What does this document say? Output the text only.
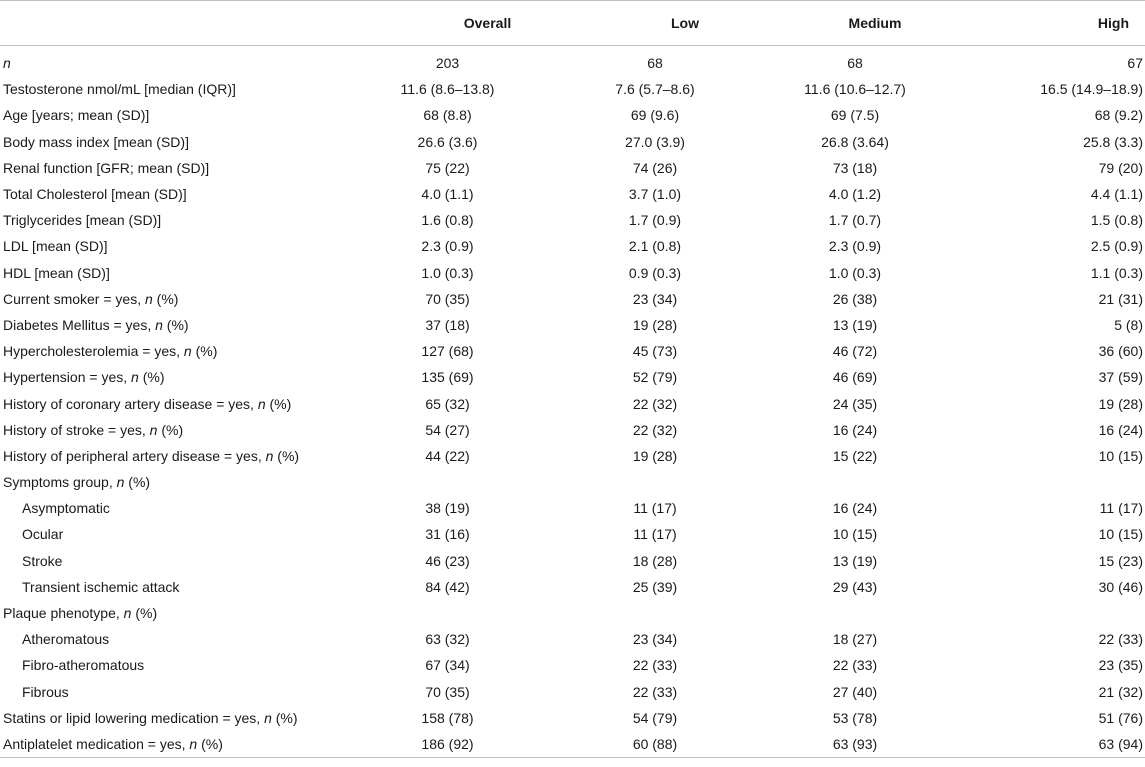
	Overall	Low	Medium	High
n	203	68	68	67
Testosterone nmol/mL [median (IQR)]	11.6 (8.6–13.8)	7.6 (5.7–8.6)	11.6 (10.6–12.7)	16.5 (14.9–18.9)
Age [years; mean (SD)]	68 (8.8)	69 (9.6)	69 (7.5)	68 (9.2)
Body mass index [mean (SD)]	26.6 (3.6)	27.0 (3.9)	26.8 (3.64)	25.8 (3.3)
Renal function [GFR; mean (SD)]	75 (22)	74 (26)	73 (18)	79 (20)
Total Cholesterol [mean (SD)]	4.0 (1.1)	3.7 (1.0)	4.0 (1.2)	4.4 (1.1)
Triglycerides [mean (SD)]	1.6 (0.8)	1.7 (0.9)	1.7 (0.7)	1.5 (0.8)
LDL [mean (SD)]	2.3 (0.9)	2.1 (0.8)	2.3 (0.9)	2.5 (0.9)
HDL [mean (SD)]	1.0 (0.3)	0.9 (0.3)	1.0 (0.3)	1.1 (0.3)
Current smoker = yes, n (%)	70 (35)	23 (34)	26 (38)	21 (31)
Diabetes Mellitus = yes, n (%)	37 (18)	19 (28)	13 (19)	5 (8)
Hypercholesterolemia = yes, n (%)	127 (68)	45 (73)	46 (72)	36 (60)
Hypertension = yes, n (%)	135 (69)	52 (79)	46 (69)	37 (59)
History of coronary artery disease = yes, n (%)	65 (32)	22 (32)	24 (35)	19 (28)
History of stroke = yes, n (%)	54 (27)	22 (32)	16 (24)	16 (24)
History of peripheral artery disease = yes, n (%)	44 (22)	19 (28)	15 (22)	10 (15)
Symptoms group, n (%)				
Asymptomatic	38 (19)	11 (17)	16 (24)	11 (17)
Ocular	31 (16)	11 (17)	10 (15)	10 (15)
Stroke	46 (23)	18 (28)	13 (19)	15 (23)
Transient ischemic attack	84 (42)	25 (39)	29 (43)	30 (46)
Plaque phenotype, n (%)				
Atheromatous	63 (32)	23 (34)	18 (27)	22 (33)
Fibro-atheromatous	67 (34)	22 (33)	22 (33)	23 (35)
Fibrous	70 (35)	22 (33)	27 (40)	21 (32)
Statins or lipid lowering medication = yes, n (%)	158 (78)	54 (79)	53 (78)	51 (76)
Antiplatelet medication = yes, n (%)	186 (92)	60 (88)	63 (93)	63 (94)
